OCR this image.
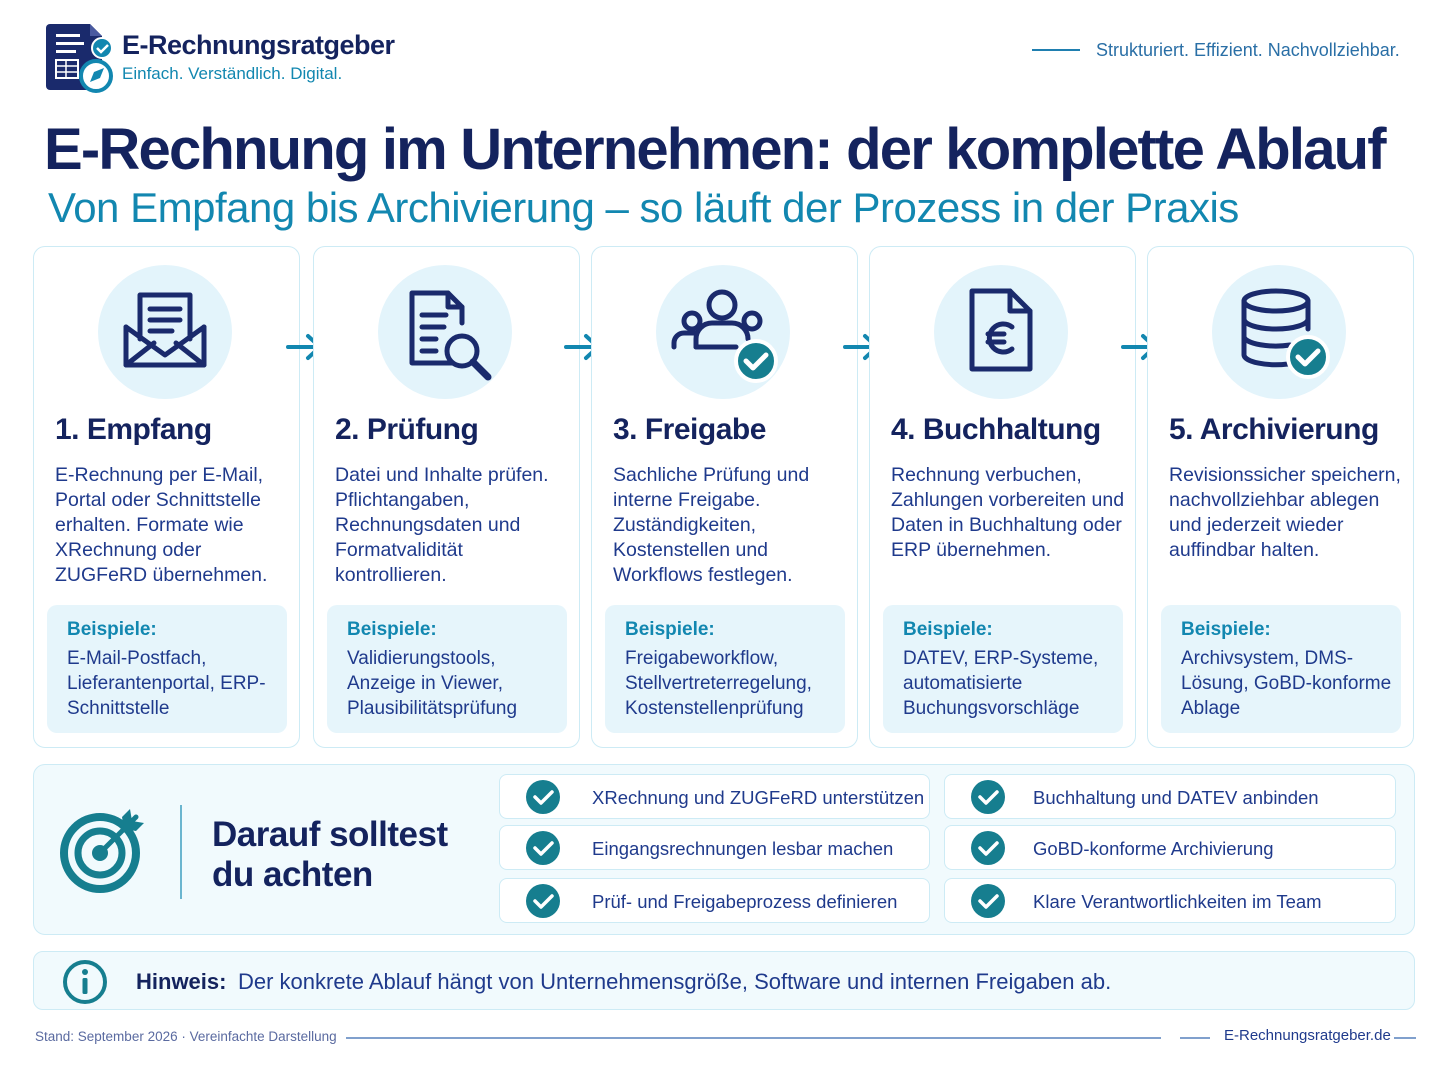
E-Rechnungsratgeber
Einfach. Verständlich. Digital.
Strukturiert. Effizient. Nachvollziehbar.
E-Rechnung im Unternehmen: der komplette Ablauf
Von Empfang bis Archivierung – so läuft der Prozess in der Praxis
1. Empfang
E-Rechnung per E-Mail, Portal oder Schnittstelle erhalten. Formate wie XRechnung oder ZUGFeRD übernehmen.
Beispiele:
E-Mail-Postfach, Lieferantenportal, ERP-Schnittstelle
2. Prüfung
Datei und Inhalte prüfen. Pflichtangaben, Rechnungsdaten und Formatvalidität kontrollieren.
Beispiele:
Validierungstools, Anzeige in Viewer, Plausibilitätsprüfung
3. Freigabe
Sachliche Prüfung und interne Freigabe. Zuständigkeiten, Kostenstellen und Workflows festlegen.
Beispiele:
Freigabeworkflow, Stellvertreterregelung, Kostenstellenprüfung
4. Buchhaltung
Rechnung verbuchen, Zahlungen vorbereiten und Daten in Buchhaltung oder ERP übernehmen.
Beispiele:
DATEV, ERP-Systeme, automatisierte Buchungsvorschläge
5. Archivierung
Revisionssicher speichern, nachvollziehbar ablegen und jederzeit wieder auffindbar halten.
Beispiele:
Archivsystem, DMS-Lösung, GoBD-konforme Ablage
Darauf solltest
du achten
XRechnung und ZUGFeRD unterstützen
Eingangsrechnungen lesbar machen
Prüf- und Freigabeprozess definieren
Buchhaltung und DATEV anbinden
GoBD-konforme Archivierung
Klare Verantwortlichkeiten im Team
Hinweis: Der konkrete Ablauf hängt von Unternehmensgröße, Software und internen Freigaben ab.
Stand: September 2026 · Vereinfachte Darstellung	E-Rechnungsratgeber.de
